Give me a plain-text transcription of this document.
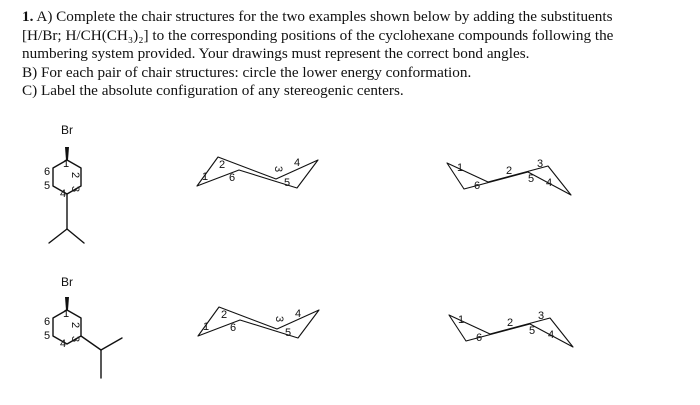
1. A) Complete the chair structures for the two examples shown below by adding the substituents
[H/Br; H/CH(CH₃)₂] to the corresponding positions of the cyclohexane compounds following the
numbering system provided. Your drawings must represent the correct bond angles.
B) For each pair of chair structures: circle the lower energy conformation.
C) Label the absolute configuration of any stereogenic centers.
Br
1
2
3
4
5
6	1
2	3
4
5
6
1	2
3
4
5
6
Br
1
2
3
4
5
6	1
2	3 4
5
6
1	2
3
4
5
6
